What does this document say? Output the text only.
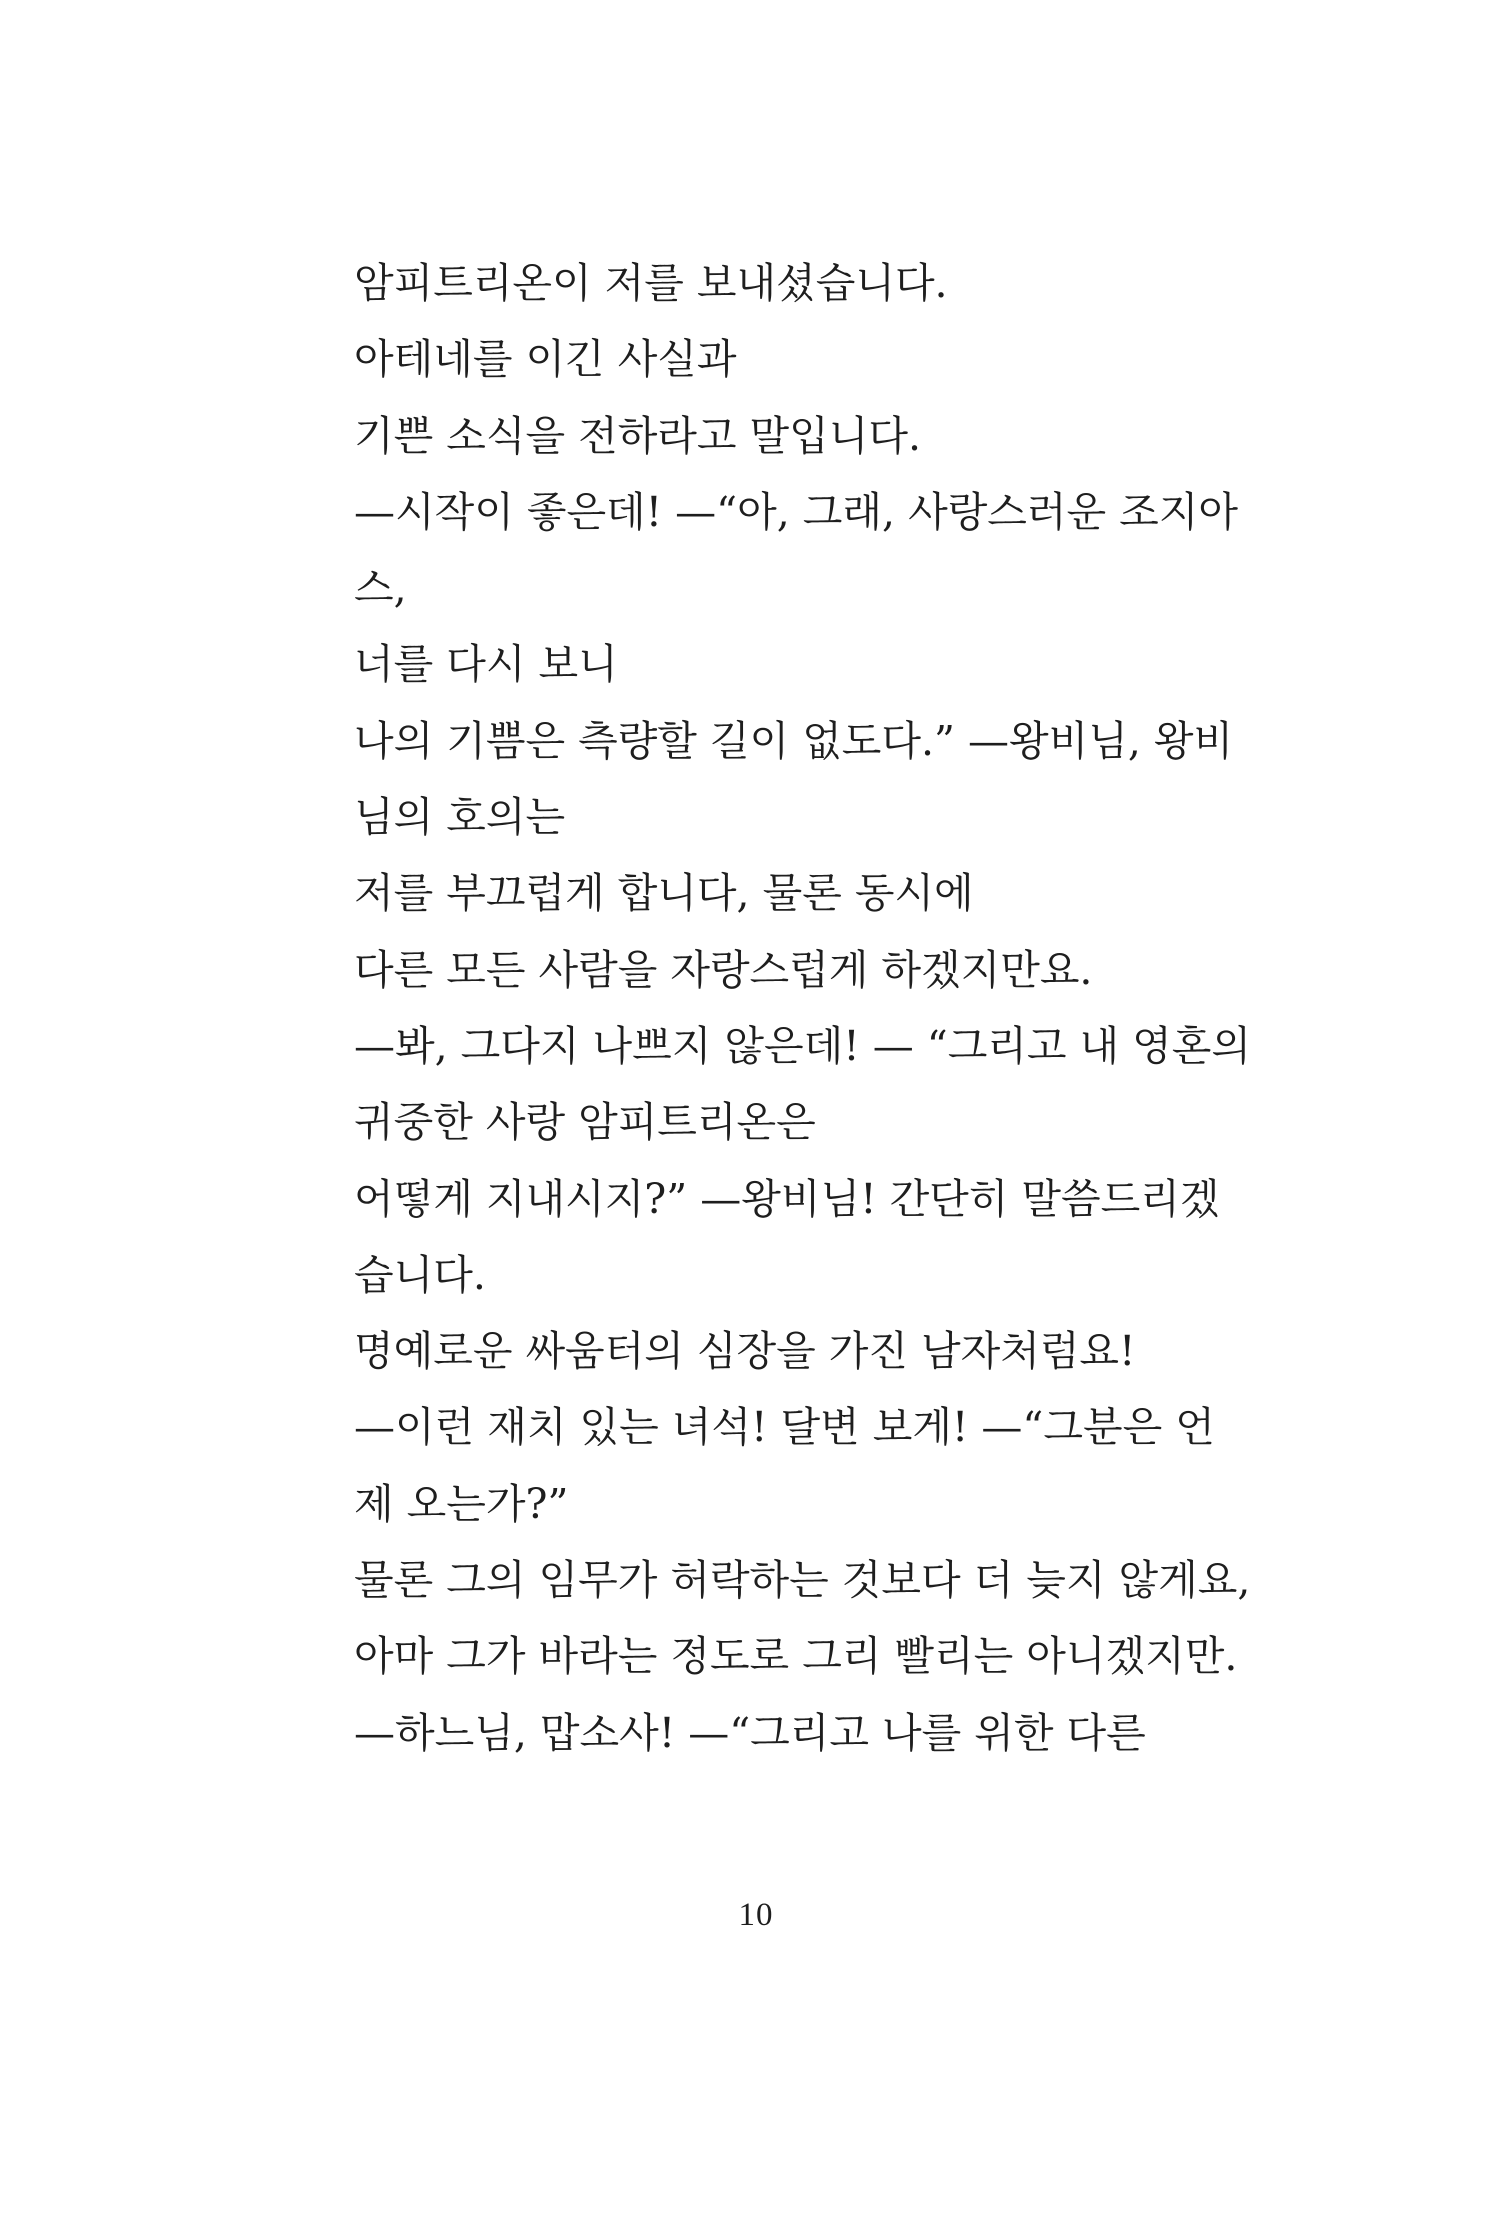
암피트리온이 저를 보내셨습니다.
아테네를 이긴 사실과
기쁜 소식을 전하라고 말입니다.
—시작이 좋은데! —“아, 그래, 사랑스러운 조지아
스,
너를 다시 보니
나의 기쁨은 측량할 길이 없도다.” —왕비님, 왕비
님의 호의는
저를 부끄럽게 합니다, 물론 동시에
다른 모든 사람을 자랑스럽게 하겠지만요.
—봐, 그다지 나쁘지 않은데! — “그리고 내 영혼의
귀중한 사랑 암피트리온은
어떻게 지내시지?” —왕비님! 간단히 말씀드리겠
습니다.
명예로운 싸움터의 심장을 가진 남자처럼요!
—이런 재치 있는 녀석! 달변 보게! —“그분은 언
제 오는가?”
물론 그의 임무가 허락하는 것보다 더 늦지 않게요,
아마 그가 바라는 정도로 그리 빨리는 아니겠지만.
—하느님, 맙소사! —“그리고 나를 위한 다른
10
